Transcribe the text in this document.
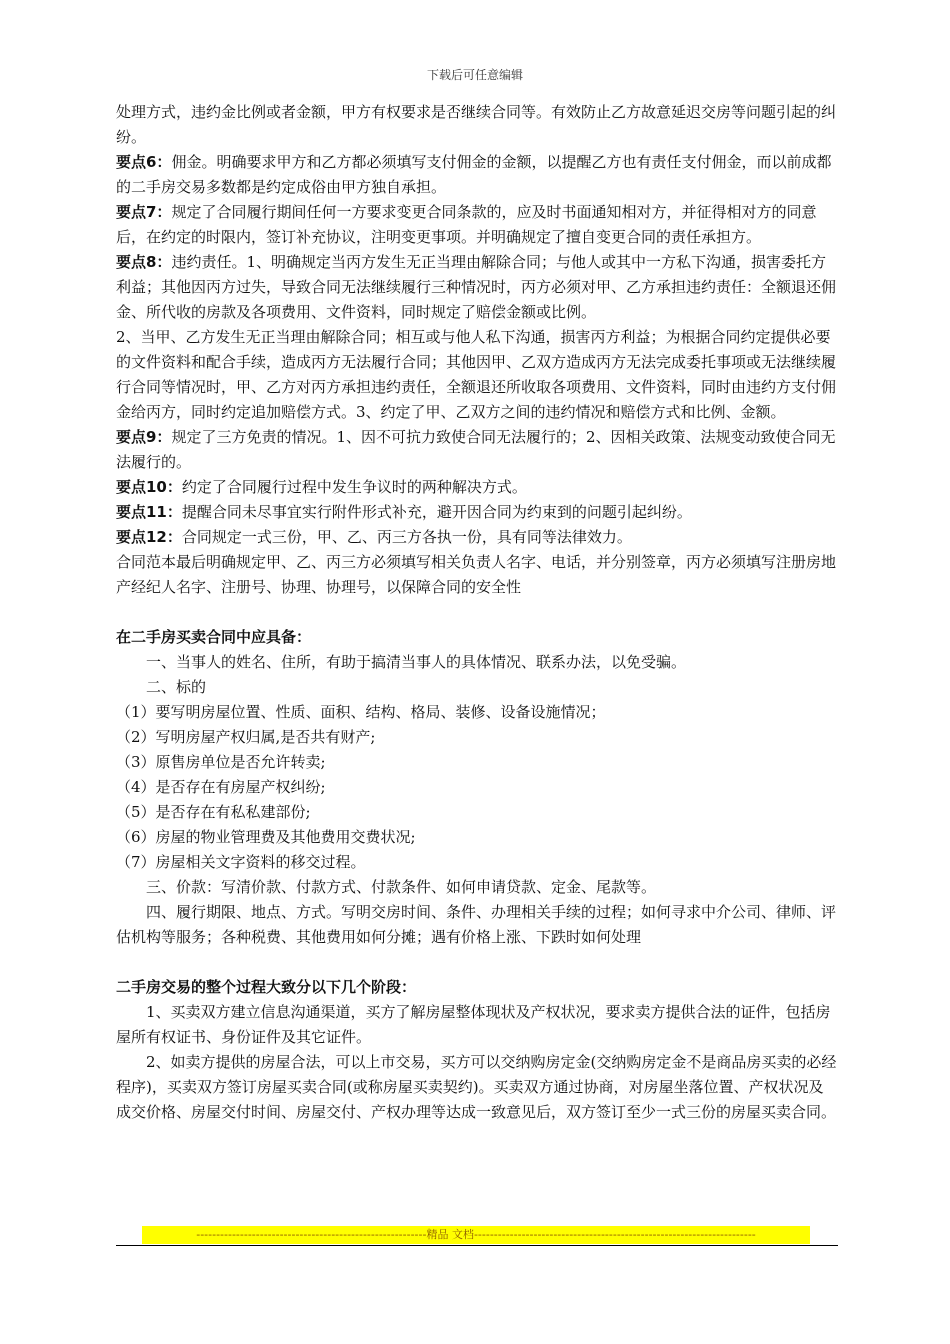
下载后可任意编辑

处理方式，违约金比例或者金额，甲方有权要求是否继续合同等。有效防止乙方故意延迟交房等问题引起的纠纷。

要点6：佣金。明确要求甲方和乙方都必须填写支付佣金的金额，以提醒乙方也有责任支付佣金，而以前成都的二手房交易多数都是约定成俗由甲方独自承担。

要点7：规定了合同履行期间任何一方要求变更合同条款的，应及时书面通知相对方，并征得相对方的同意后，在约定的时限内，签订补充协议，注明变更事项。并明确规定了擅自变更合同的责任承担方。

要点8：违约责任。1、明确规定当丙方发生无正当理由解除合同；与他人或其中一方私下沟通，损害委托方利益；其他因丙方过失，导致合同无法继续履行三种情况时，丙方必须对甲、乙方承担违约责任：全额退还佣金、所代收的房款及各项费用、文件资料，同时规定了赔偿金额或比例。

2、当甲、乙方发生无正当理由解除合同；相互或与他人私下沟通，损害丙方利益；为根据合同约定提供必要的文件资料和配合手续，造成丙方无法履行合同；其他因甲、乙双方造成丙方无法完成委托事项或无法继续履行合同等情况时，甲、乙方对丙方承担违约责任，全额退还所收取各项费用、文件资料，同时由违约方支付佣金给丙方，同时约定追加赔偿方式。3、约定了甲、乙双方之间的违约情况和赔偿方式和比例、金额。

要点9：规定了三方免责的情况。1、因不可抗力致使合同无法履行的；2、因相关政策、法规变动致使合同无法履行的。

要点10：约定了合同履行过程中发生争议时的两种解决方式。

要点11：提醒合同未尽事宜实行附件形式补充，避开因合同为约束到的问题引起纠纷。

要点12：合同规定一式三份，甲、乙、丙三方各执一份，具有同等法律效力。

合同范本最后明确规定甲、乙、丙三方必须填写相关负责人名字、电话，并分别签章，丙方必须填写注册房地产经纪人名字、注册号、协理、协理号，以保障合同的安全性

在二手房买卖合同中应具备：

一、当事人的姓名、住所，有助于搞清当事人的具体情况、联系办法，以免受骗。

二、标的

（1）要写明房屋位置、性质、面积、结构、格局、装修、设备设施情况；

（2）写明房屋产权归属,是否共有财产;

（3）原售房单位是否允许转卖;

（4）是否存在有房屋产权纠纷;

（5）是否存在有私私建部份;

（6）房屋的物业管理费及其他费用交费状况;

（7）房屋相关文字资料的移交过程。

三、价款：写清价款、付款方式、付款条件、如何申请贷款、定金、尾款等。

四、履行期限、地点、方式。写明交房时间、条件、办理相关手续的过程；如何寻求中介公司、律师、评估机构等服务；各种税费、其他费用如何分摊；遇有价格上涨、下跌时如何处理

二手房交易的整个过程大致分以下几个阶段：

1、买卖双方建立信息沟通渠道，买方了解房屋整体现状及产权状况，要求卖方提供合法的证件，包括房屋所有权证书、身份证件及其它证件。

2、如卖方提供的房屋合法，可以上市交易，买方可以交纳购房定金(交纳购房定金不是商品房买卖的必经程序)，买卖双方签订房屋买卖合同(或称房屋买卖契约)。买卖双方通过协商，对房屋坐落位置、产权状况及成交价格、房屋交付时间、房屋交付、产权办理等达成一致意见后，双方签订至少一式三份的房屋买卖合同。

----------------------------------------------------------精品 文档-----------------------------------------------------------------------
